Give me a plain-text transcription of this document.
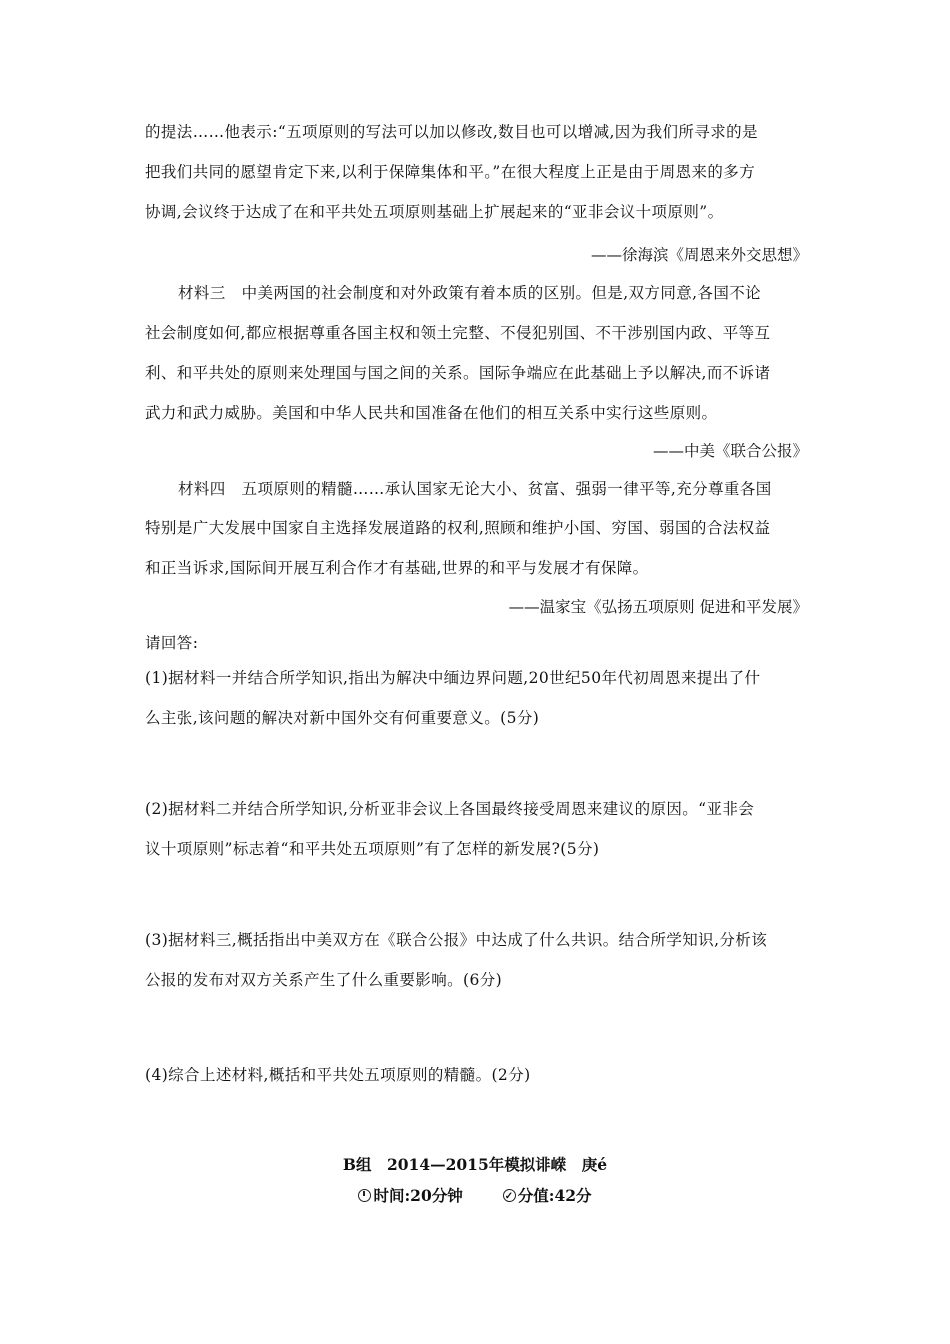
的提法……他表示:“五项原则的写法可以加以修改,数目也可以增减,因为我们所寻求的是
把我们共同的愿望肯定下来,以利于保障集体和平。”在很大程度上正是由于周恩来的多方
协调,会议终于达成了在和平共处五项原则基础上扩展起来的“亚非会议十项原则”。
——徐海滨《周恩来外交思想》
材料三　中美两国的社会制度和对外政策有着本质的区别。但是,双方同意,各国不论
社会制度如何,都应根据尊重各国主权和领土完整、不侵犯别国、不干涉别国内政、平等互
利、和平共处的原则来处理国与国之间的关系。国际争端应在此基础上予以解决,而不诉诸
武力和武力威胁。美国和中华人民共和国准备在他们的相互关系中实行这些原则。
——中美《联合公报》
材料四　五项原则的精髓……承认国家无论大小、贫富、强弱一律平等,充分尊重各国
特别是广大发展中国家自主选择发展道路的权利,照顾和维护小国、穷国、弱国的合法权益
和正当诉求,国际间开展互利合作才有基础,世界的和平与发展才有保障。
——温家宝《弘扬五项原则 促进和平发展》
请回答:
(1)据材料一并结合所学知识,指出为解决中缅边界问题,20世纪50年代初周恩来提出了什
么主张,该问题的解决对新中国外交有何重要意义。(5分)
(2)据材料二并结合所学知识,分析亚非会议上各国最终接受周恩来建议的原因。“亚非会
议十项原则”标志着“和平共处五项原则”有了怎样的新发展?(5分)
(3)据材料三,概括指出中美双方在《联合公报》中达成了什么共识。结合所学知识,分析该
公报的发布对双方关系产生了什么重要影响。(6分)
(4)综合上述材料,概括和平共处五项原则的精髓。(2分)
B组　2014—2015年模拟诽嵘　庚é
时间:20分钟✓	分值:42分
